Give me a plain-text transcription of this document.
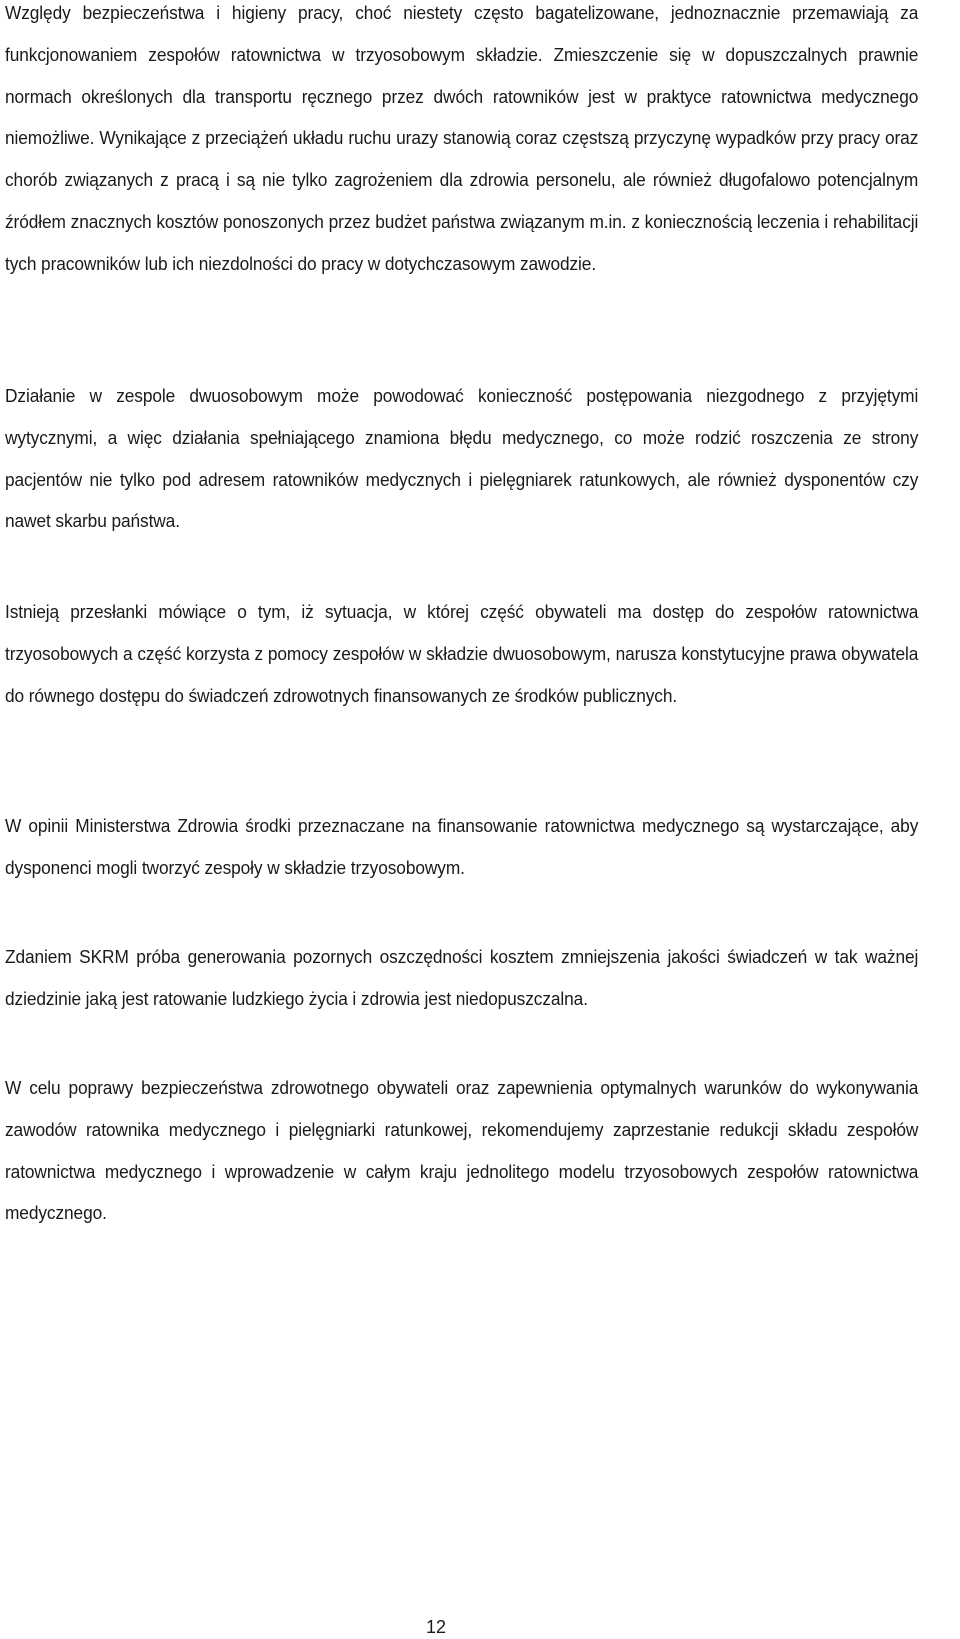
Względy bezpieczeństwa i higieny pracy, choć niestety często bagatelizowane, jednoznacznie przemawiają za funkcjonowaniem zespołów ratownictwa w trzyosobowym składzie. Zmieszczenie się w dopuszczalnych prawnie normach określonych dla transportu ręcznego przez dwóch ratowników jest w praktyce ratownictwa medycznego niemożliwe. Wynikające z przeciążeń układu ruchu urazy stanowią coraz częstszą przyczynę wypadków przy pracy oraz chorób związanych z pracą i są nie tylko zagrożeniem dla zdrowia personelu, ale również długofalowo potencjalnym źródłem znacznych kosztów ponoszonych przez budżet państwa związanym m.in. z koniecznością leczenia i rehabilitacji tych pracowników lub ich niezdolności do pracy w dotychczasowym zawodzie.

Działanie w zespole dwuosobowym może powodować konieczność postępowania niezgodnego z przyjętymi wytycznymi, a więc działania spełniającego znamiona błędu medycznego, co może rodzić roszczenia ze strony pacjentów nie tylko pod adresem ratowników medycznych i pielęgniarek ratunkowych, ale również dysponentów czy nawet skarbu państwa.

Istnieją przesłanki mówiące o tym, iż sytuacja, w której część obywateli ma dostęp do zespołów ratownictwa trzyosobowych a część korzysta z pomocy zespołów w składzie dwuosobowym, narusza konstytucyjne prawa obywatela do równego dostępu do świadczeń zdrowotnych finansowanych ze środków publicznych.

W opinii Ministerstwa Zdrowia środki przeznaczane na finansowanie ratownictwa medycznego są wystarczające, aby dysponenci mogli tworzyć zespoły w składzie trzyosobowym.

Zdaniem SKRM próba generowania pozornych oszczędności kosztem zmniejszenia jakości świadczeń w tak ważnej dziedzinie jaką jest ratowanie ludzkiego życia i zdrowia jest niedopuszczalna.

W celu poprawy bezpieczeństwa zdrowotnego obywateli oraz zapewnienia optymalnych warunków do wykonywania zawodów ratownika medycznego i pielęgniarki ratunkowej, rekomendujemy zaprzestanie redukcji składu zespołów ratownictwa medycznego i wprowadzenie w całym kraju jednolitego modelu trzyosobowych zespołów ratownictwa medycznego.

12
